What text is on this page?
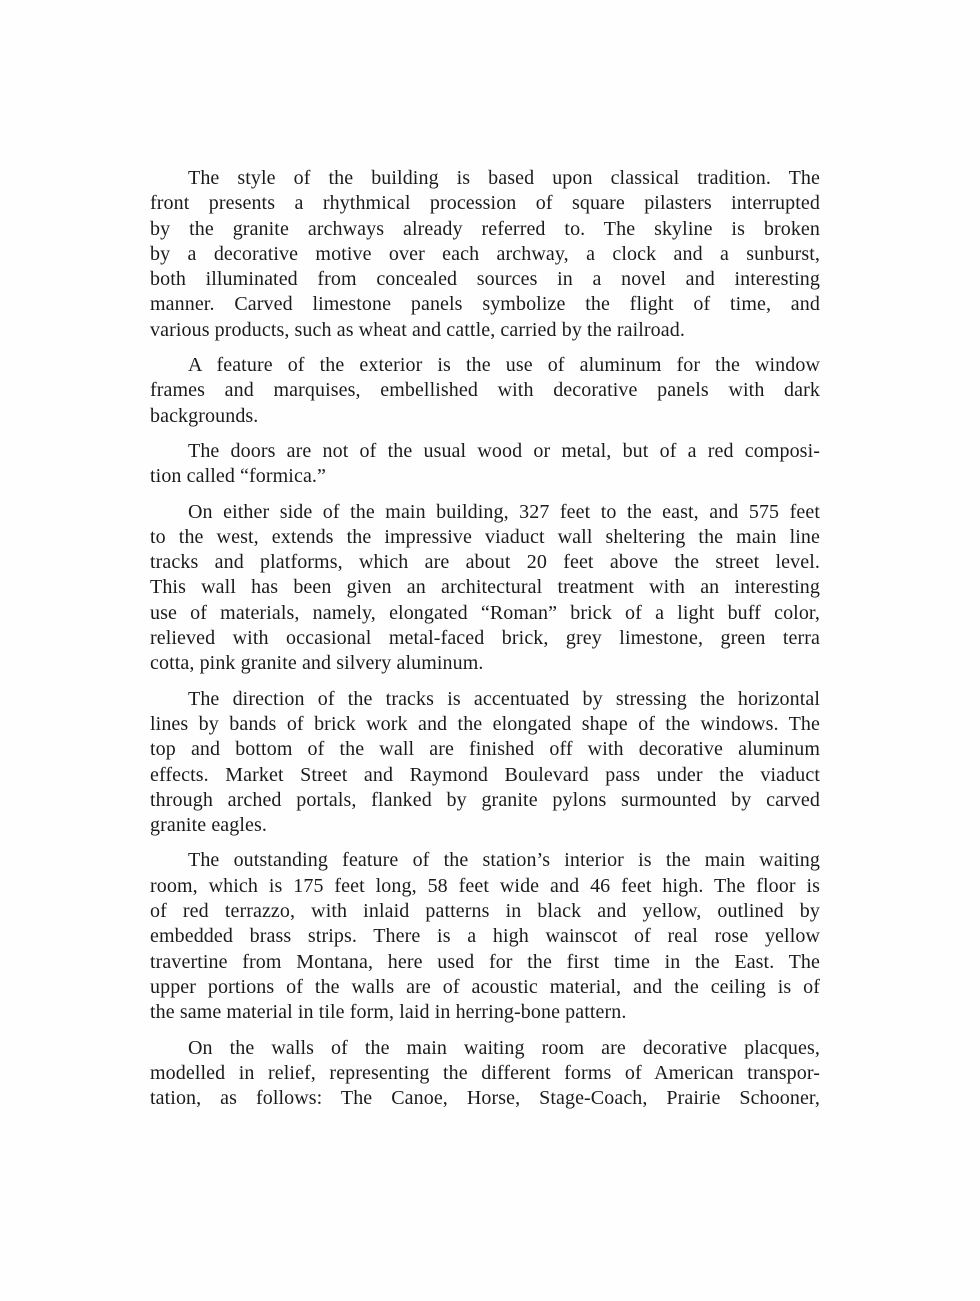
The style of the building is based upon classical tradition. The
front presents a rhythmical procession of square pilasters interrupted
by the granite archways already referred to. The skyline is broken
by a decorative motive over each archway, a clock and a sunburst,
both illuminated from concealed sources in a novel and interesting
manner. Carved limestone panels symbolize the flight of time, and
various products, such as wheat and cattle, carried by the railroad.

A feature of the exterior is the use of aluminum for the window
frames and marquises, embellished with decorative panels with dark
backgrounds.

The doors are not of the usual wood or metal, but of a red composi-
tion called “formica.”

On either side of the main building, 327 feet to the east, and 575 feet
to the west, extends the impressive viaduct wall sheltering the main line
tracks and platforms, which are about 20 feet above the street level.
This wall has been given an architectural treatment with an interesting
use of materials, namely, elongated “Roman” brick of a light buff color,
relieved with occasional metal-faced brick, grey limestone, green terra
cotta, pink granite and silvery aluminum.

The direction of the tracks is accentuated by stressing the horizontal
lines by bands of brick work and the elongated shape of the windows. The
top and bottom of the wall are finished off with decorative aluminum
effects. Market Street and Raymond Boulevard pass under the viaduct
through arched portals, flanked by granite pylons surmounted by carved
granite eagles.

The outstanding feature of the station’s interior is the main waiting
room, which is 175 feet long, 58 feet wide and 46 feet high. The floor is
of red terrazzo, with inlaid patterns in black and yellow, outlined by
embedded brass strips. There is a high wainscot of real rose yellow
travertine from Montana, here used for the first time in the East. The
upper portions of the walls are of acoustic material, and the ceiling is of
the same material in tile form, laid in herring-bone pattern.

On the walls of the main waiting room are decorative placques,
modelled in relief, representing the different forms of American transpor-
tation, as follows: The Canoe, Horse, Stage-Coach, Prairie Schooner,
